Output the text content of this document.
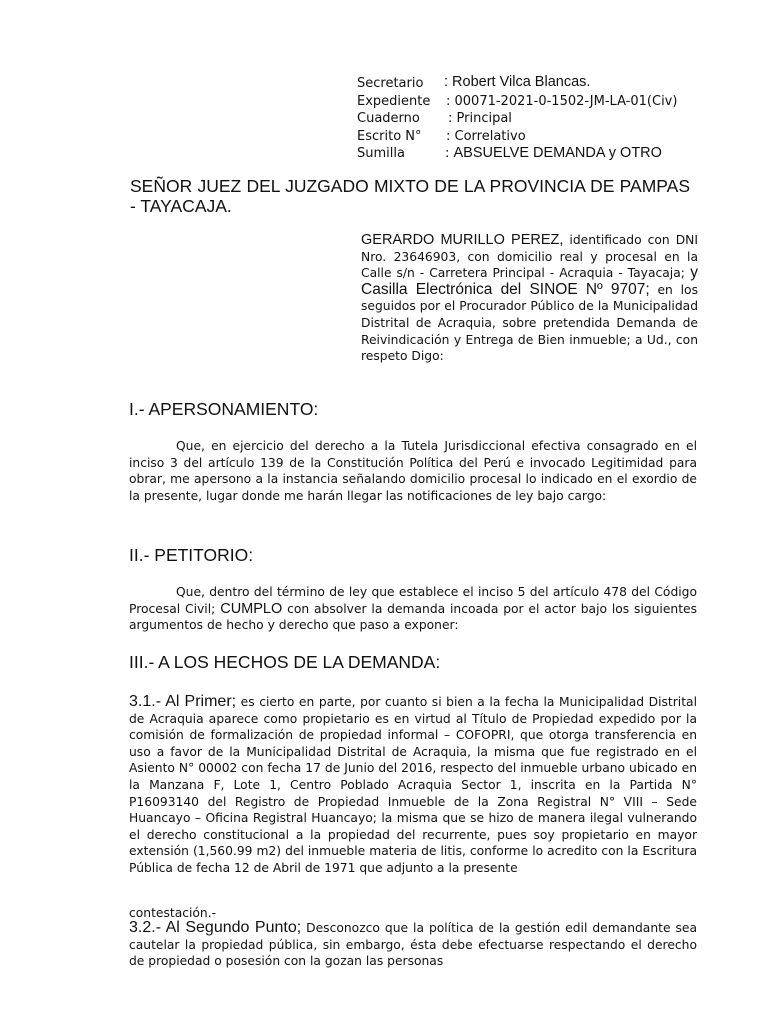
Secretario : Robert Vilca Blancas.
Expediente : 00071-2021-0-1502-JM-LA-01(Civ)
Cuaderno : Principal
Escrito N° : Correlativo
Sumilla	: ABSUELVE DEMANDA y OTRO
SEÑOR JUEZ DEL JUZGADO MIXTO DE LA PROVINCIA DE PAMPAS - TAYACAJA.
GERARDO MURILLO PEREZ, identificado con DNI Nro. 23646903, con domicilio real y procesal en la Calle s/n - Carretera Principal - Acraquia - Tayacaja; y Casilla Electrónica del SINOE Nº 9707; en los seguidos por el Procurador Público de la Municipalidad Distrital de Acraquia, sobre pretendida Demanda de Reivindicación y Entrega de Bien inmueble; a Ud., con respeto Digo:
I.- APERSONAMIENTO:
Que, en ejercicio del derecho a la Tutela Jurisdiccional efectiva consagrado en el inciso 3 del artículo 139 de la Constitución Política del Perú e invocado Legitimidad para obrar, me apersono a la instancia señalando domicilio procesal lo indicado en el exordio de la presente, lugar donde me harán llegar las notificaciones de ley bajo cargo:
II.- PETITORIO:
Que, dentro del término de ley que establece el inciso 5 del artículo 478 del Código Procesal Civil; CUMPLO con absolver la demanda incoada por el actor bajo los siguientes argumentos de hecho y derecho que paso a exponer:
III.- A LOS HECHOS DE LA DEMANDA:
3.1.- Al Primer; es cierto en parte, por cuanto si bien a la fecha la Municipalidad Distrital de Acraquia aparece como propietario es en virtud al Título de Propiedad expedido por la comisión de formalización de propiedad informal – COFOPRI, que otorga transferencia en uso a favor de la Municipalidad Distrital de Acraquia, la misma que fue registrado en el Asiento N° 00002 con fecha 17 de Junio del 2016, respecto del inmueble urbano ubicado en la Manzana F, Lote 1, Centro Poblado Acraquia Sector 1, inscrita en la Partida N° P16093140 del Registro de Propiedad Inmueble de la Zona Registral N° VIII – Sede Huancayo – Oficina Registral Huancayo; la misma que se hizo de manera ilegal vulnerando el derecho constitucional a la propiedad del recurrente, pues soy propietario en mayor extensión (1,560.99 m2) del inmueble materia de litis, conforme lo acredito con la Escritura Pública de fecha 12 de Abril de 1971 que adjunto a la presente
contestación.-
3.2.- Al Segundo Punto; Desconozco que la política de la gestión edil demandante sea cautelar la propiedad pública, sin embargo, ésta debe efectuarse respectando el derecho de propiedad o posesión con la gozan las personas
